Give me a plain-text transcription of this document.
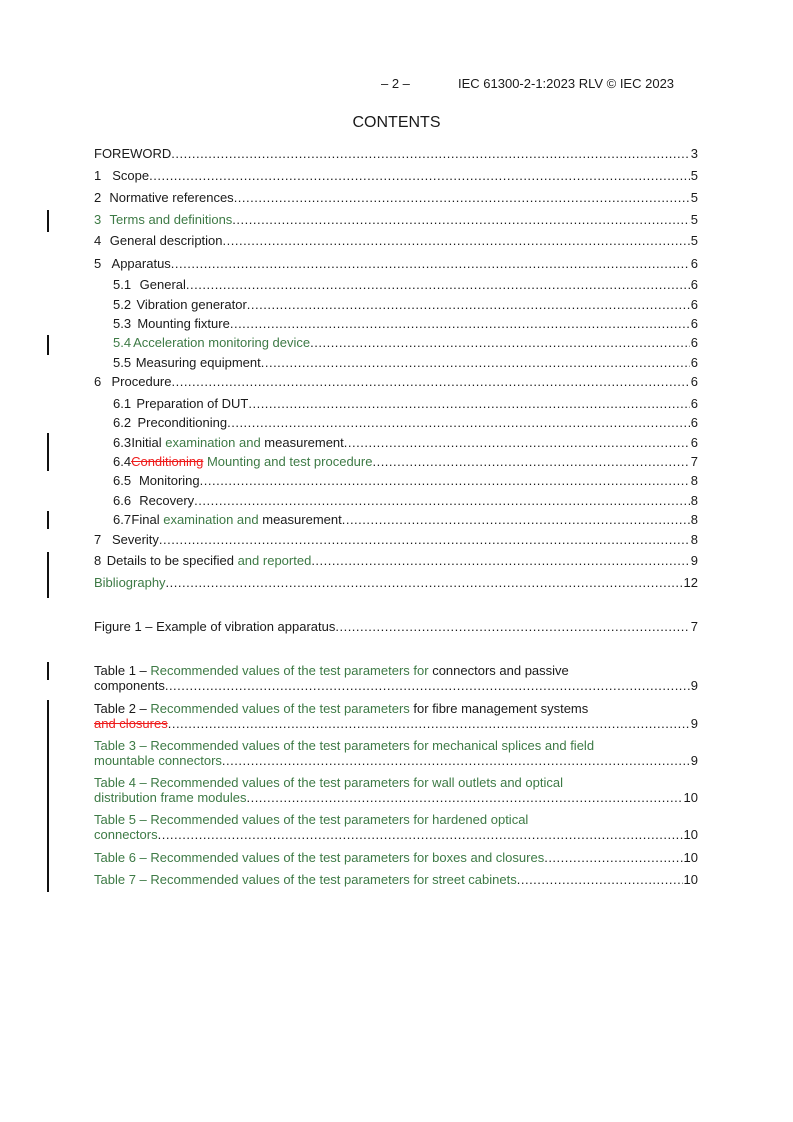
– 2 –	IEC 61300-2-1:2023 RLV © IEC 2023
CONTENTS
FOREWORD .....	3
1 Scope .....	5
2 Normative references .....	5
3 Terms and definitions .....	5
4 General description .....	5
5 Apparatus .....	6
5.1 General .....	6
5.2 Vibration generator .....	6
5.3 Mounting fixture .....	6
5.4 Acceleration monitoring device .....	6
5.5 Measuring equipment .....	6
6 Procedure .....	6
6.1 Preparation of DUT .....	6
6.2 Preconditioning .....	6
6.3 Initial examination and measurement .....	6
6.4 Conditioning Mounting and test procedure .....	7
6.5 Monitoring .....	8
6.6 Recovery .....	8
6.7 Final examination and measurement .....	8
7 Severity .....	8
8 Details to be specified and reported .....	9
Bibliography .....	12
Figure 1 – Example of vibration apparatus .....	7
Table 1 – Recommended values of the test parameters for connectors and passive
components .....	9
Table 2 – Recommended values of the test parameters for fibre management systems
and closures .....	9
Table 3 – Recommended values of the test parameters for mechanical splices and field
mountable connectors .....	9
Table 4 – Recommended values of the test parameters for wall outlets and optical
distribution frame modules .....	10
Table 5 – Recommended values of the test parameters for hardened optical
connectors .....	10
Table 6 – Recommended values of the test parameters for boxes and closures .....	10
Table 7 – Recommended values of the test parameters for street cabinets .....	10
